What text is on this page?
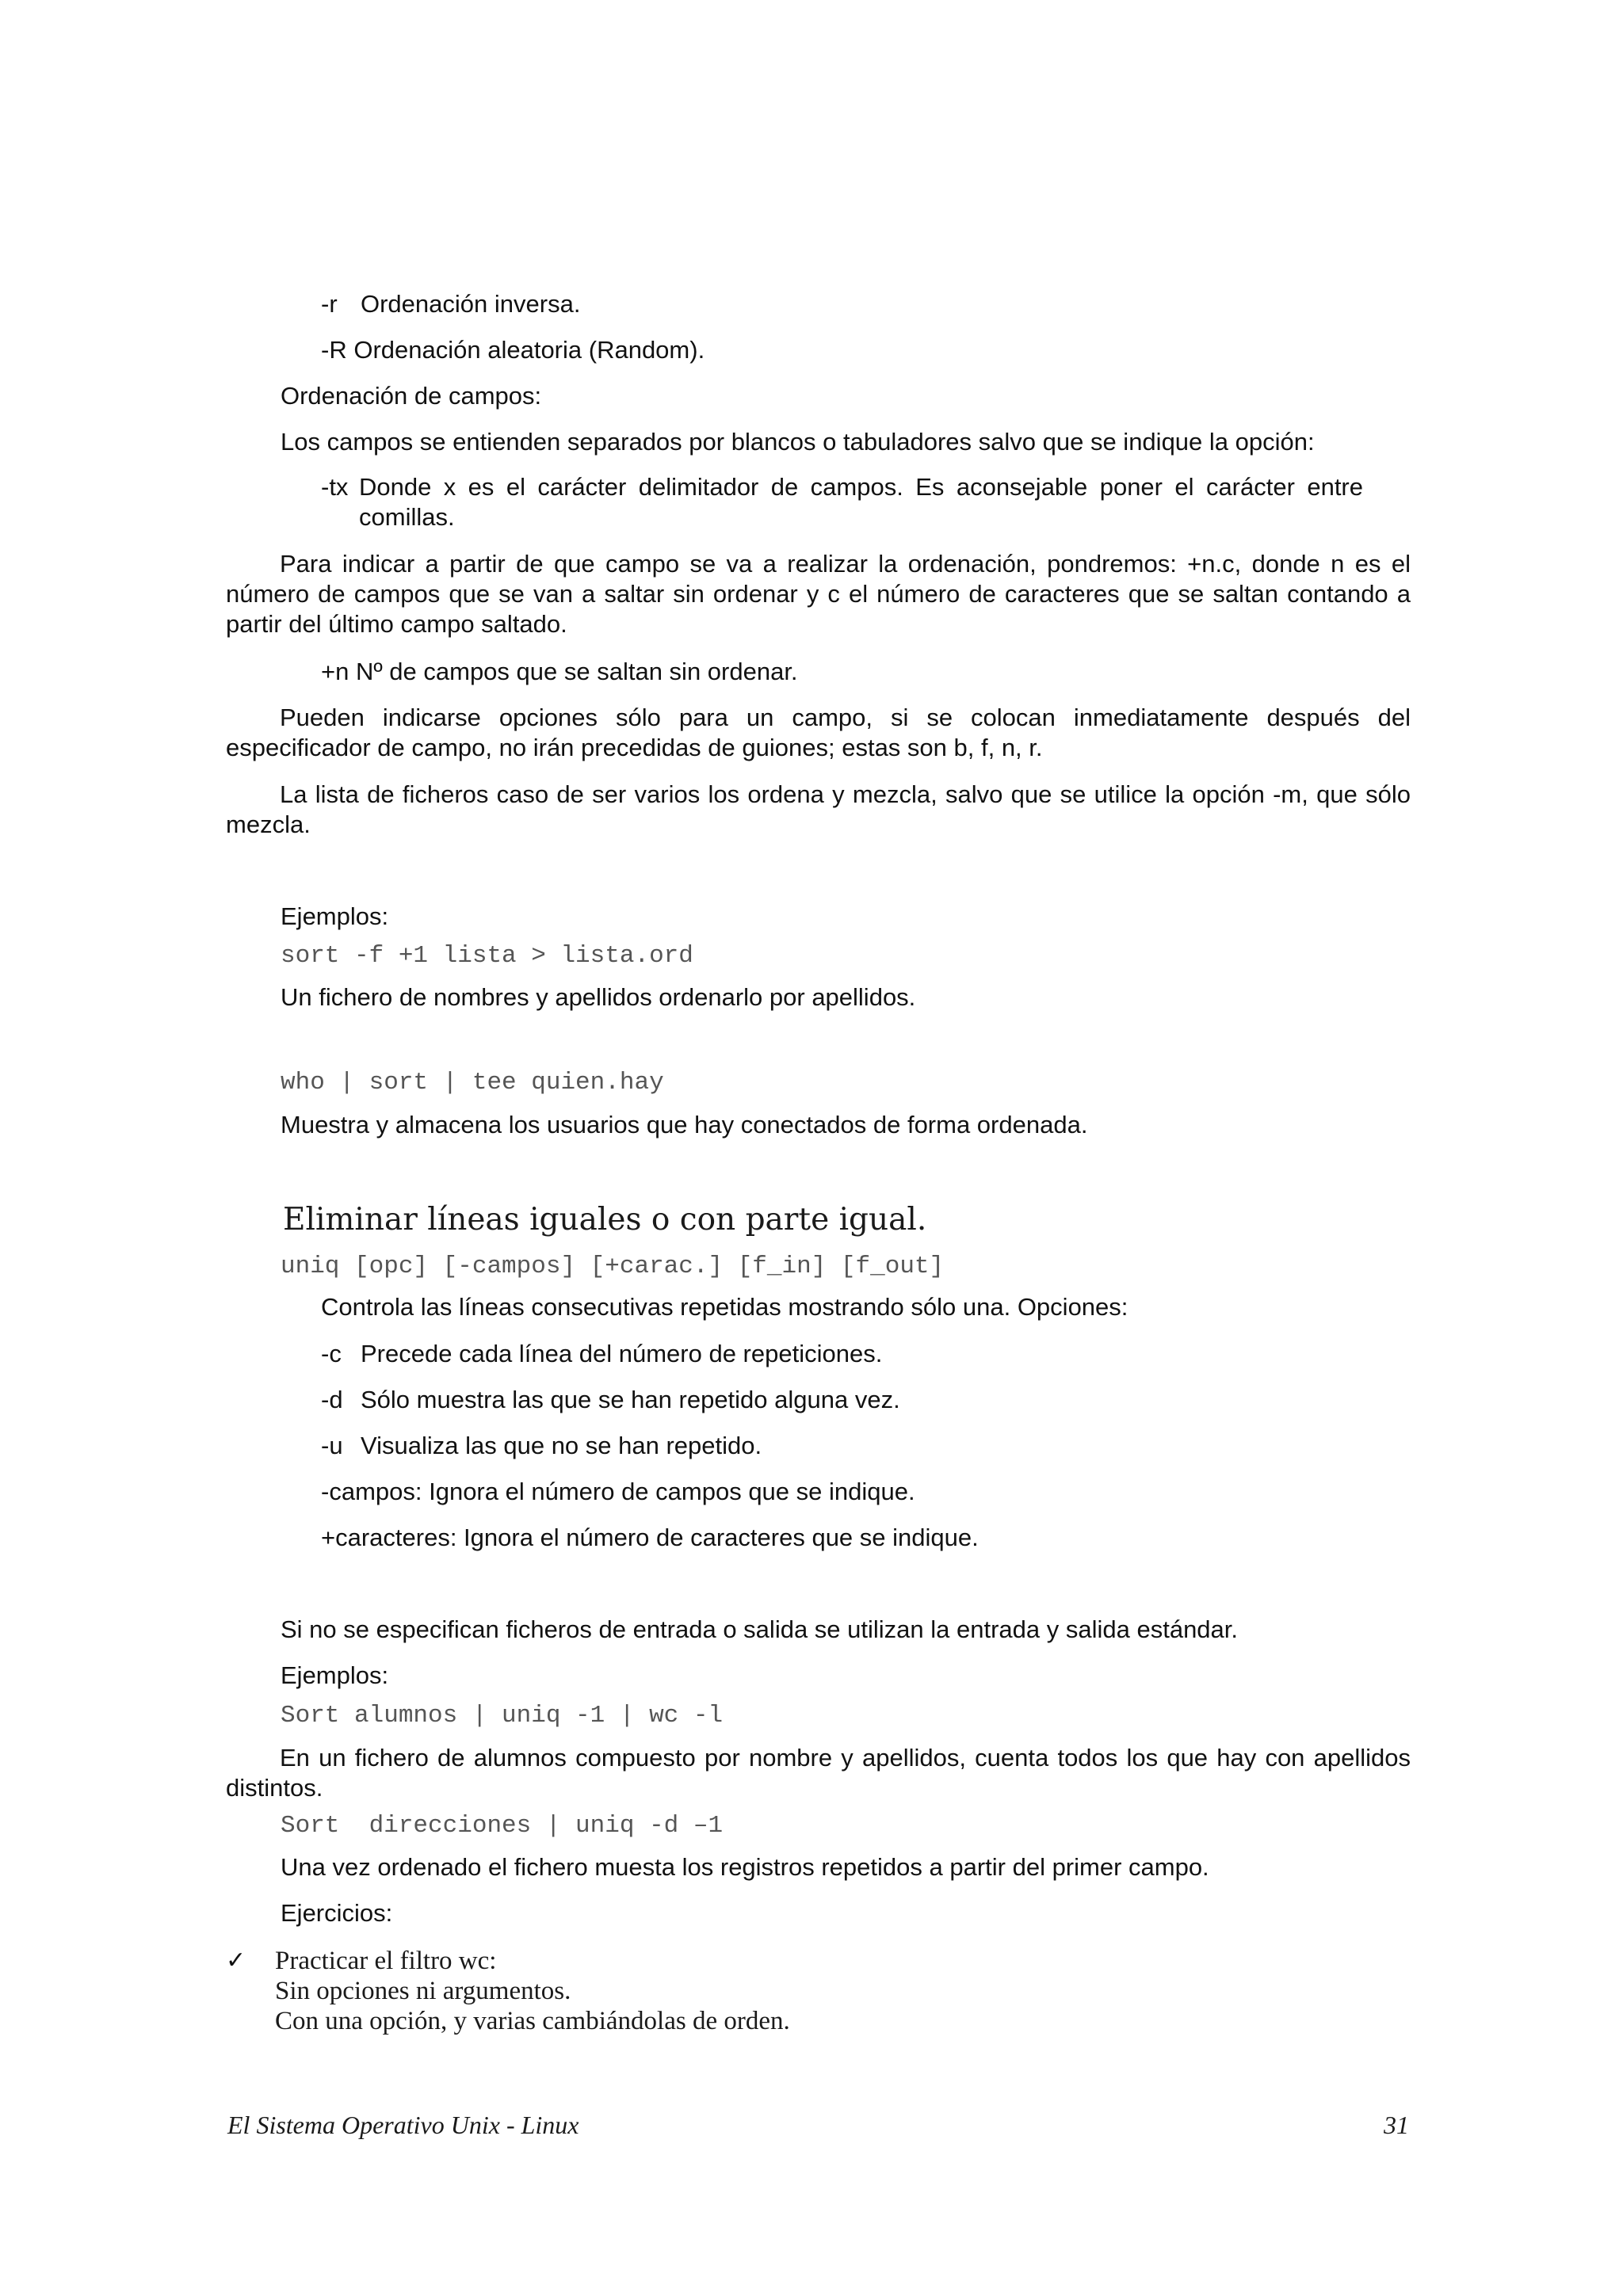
-r Ordenación inversa.
-R Ordenación aleatoria (Random).
Ordenación de campos:
Los campos se entienden separados por blancos o tabuladores salvo que se indique la opción:
-tx Donde x es el carácter delimitador de campos. Es aconsejable poner el carácter entre comillas.

Para indicar a partir de que campo se va a realizar la ordenación, pondremos: +n.c, donde n es el número de campos que se van a saltar sin ordenar y c el número de caracteres que se saltan contando a partir del último campo saltado.

+n Nº de campos que se saltan sin ordenar.

Pueden indicarse opciones sólo para un campo, si se colocan inmediatamente después del especificador de campo, no irán precedidas de guiones; estas son b, f, n, r.

La lista de ficheros caso de ser varios los ordena y mezcla, salvo que se utilice la opción -m, que sólo mezcla.

Ejemplos:
sort -f +1 lista > lista.ord
Un fichero de nombres y apellidos ordenarlo por apellidos.
who | sort | tee quien.hay
Muestra y almacena los usuarios que hay conectados de forma ordenada.
Eliminar líneas iguales o con parte igual.
uniq [opc] [-campos] [+carac.] [f_in] [f_out]
Controla las líneas consecutivas repetidas mostrando sólo una. Opciones:
-c Precede cada línea del número de repeticiones.
-d Sólo muestra las que se han repetido alguna vez.
-u Visualiza las que no se han repetido.
-campos: Ignora el número de campos que se indique.
+caracteres: Ignora el número de caracteres que se indique.
Si no se especifican ficheros de entrada o salida se utilizan la entrada y salida estándar.
Ejemplos:
Sort alumnos | uniq -1 | wc -l

En un fichero de alumnos compuesto por nombre y apellidos, cuenta todos los que hay con apellidos distintos.

Sort  direcciones | uniq -d –1
Una vez ordenado el fichero muesta los registros repetidos a partir del primer campo.
Ejercicios:
✓ Practicar el filtro wc:
Sin opciones ni argumentos.
Con una opción, y varias cambiándolas de orden.
El Sistema Operativo Unix - Linux	31
